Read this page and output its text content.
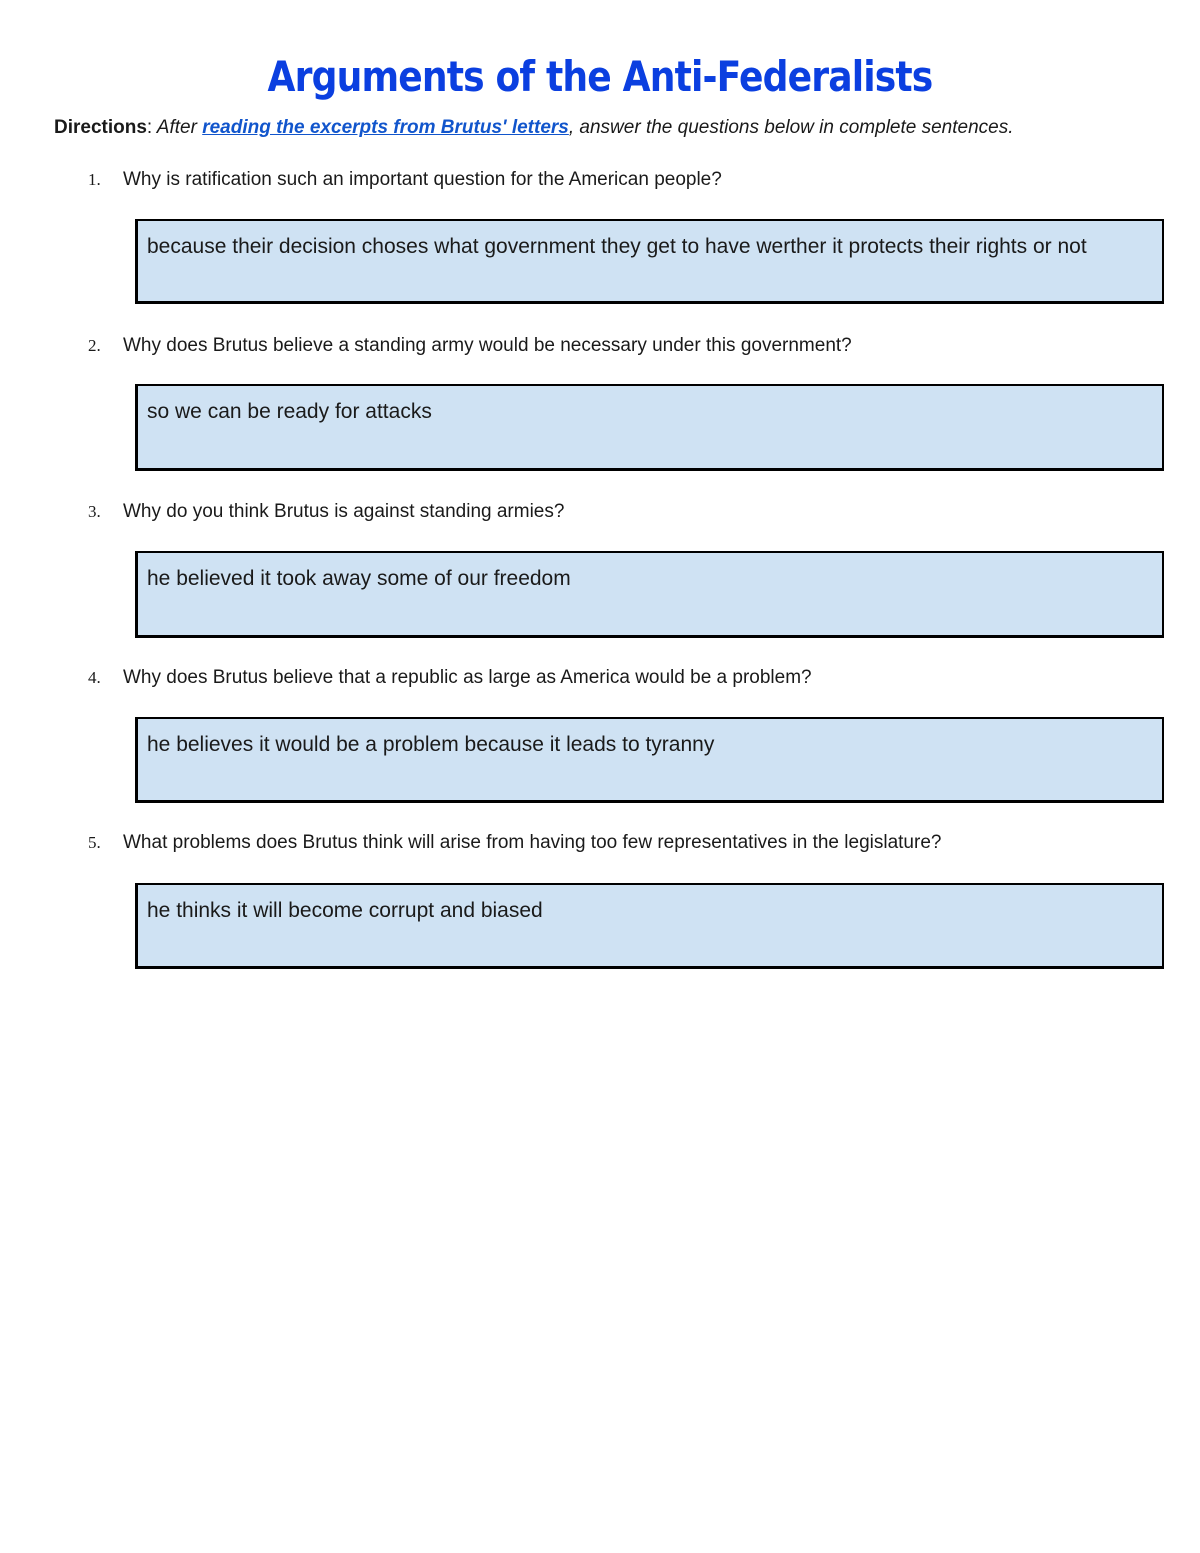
Arguments of the Anti-Federalists
Directions: After reading the excerpts from Brutus' letters, answer the questions below in complete sentences.
1. Why is ratification such an important question for the American people?
because their decision choses what government they get to have werther it protects their rights or not
2. Why does Brutus believe a standing army would be necessary under this government?
so we can be ready for attacks
3. Why do you think Brutus is against standing armies?
he believed it took away some of our freedom
4. Why does Brutus believe that a republic as large as America would be a problem?
he believes it would be a problem because it leads to tyranny
5. What problems does Brutus think will arise from having too few representatives in the legislature?
he thinks it will become corrupt and biased
